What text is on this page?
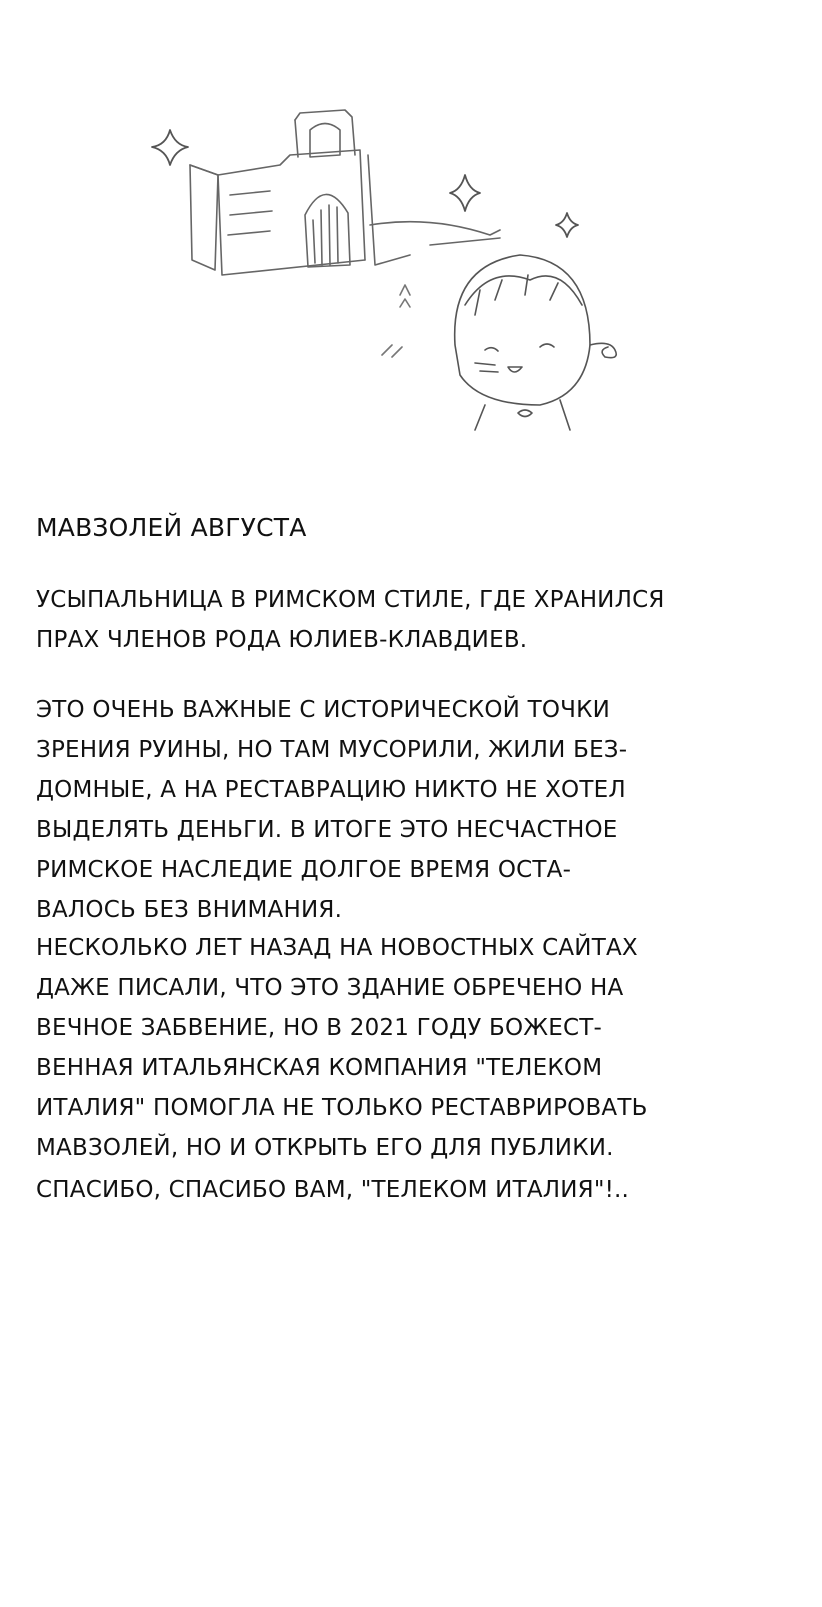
МАВЗОЛЕЙ АВГУСТА
УСЫПАЛЬНИЦА В РИМСКОМ СТИЛЕ, ГДЕ ХРАНИЛСЯ
ПРАХ ЧЛЕНОВ РОДА ЮЛИЕВ-КЛАВДИЕВ.
ЭТО ОЧЕНЬ ВАЖНЫЕ С ИСТОРИЧЕСКОЙ ТОЧКИ
ЗРЕНИЯ РУИНЫ, НО ТАМ МУСОРИЛИ, ЖИЛИ БЕЗ-
ДОМНЫЕ, А НА РЕСТАВРАЦИЮ НИКТО НЕ ХОТЕЛ
ВЫДЕЛЯТЬ ДЕНЬГИ. В ИТОГЕ ЭТО НЕСЧАСТНОЕ
РИМСКОЕ НАСЛЕДИЕ ДОЛГОЕ ВРЕМЯ ОСТА-
ВАЛОСЬ БЕЗ ВНИМАНИЯ.
НЕСКОЛЬКО ЛЕТ НАЗАД НА НОВОСТНЫХ САЙТАХ
ДАЖЕ ПИСАЛИ, ЧТО ЭТО ЗДАНИЕ ОБРЕЧЕНО НА
ВЕЧНОЕ ЗАБВЕНИЕ, НО В 2021 ГОДУ БОЖЕСТ-
ВЕННАЯ ИТАЛЬЯНСКАЯ КОМПАНИЯ "ТЕЛЕКОМ
ИТАЛИЯ" ПОМОГЛА НЕ ТОЛЬКО РЕСТАВРИРОВАТЬ
МАВЗОЛЕЙ, НО И ОТКРЫТЬ ЕГО ДЛЯ ПУБЛИКИ.
СПАСИБО, СПАСИБО ВАМ, "ТЕЛЕКОМ ИТАЛИЯ"!..
